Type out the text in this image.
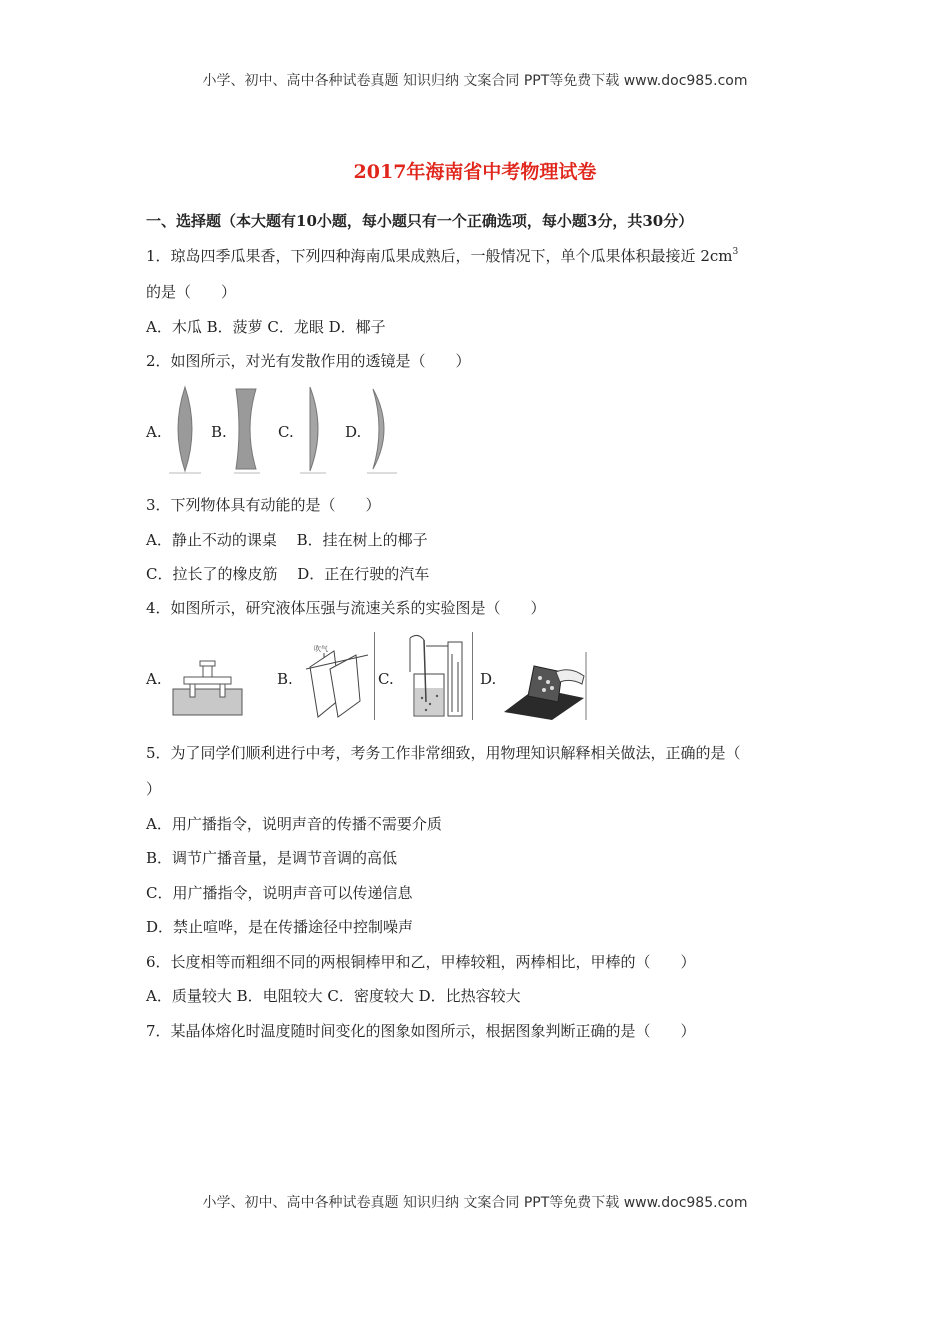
小学、初中、高中各种试卷真题 知识归纳 文案合同 PPT等免费下载 www.doc985.com
2017年海南省中考物理试卷
一、选择题（本大题有10小题，每小题只有一个正确选项，每小题3分，共30分）
1．琼岛四季瓜果香，下列四种海南瓜果成熟后，一般情况下，单个瓜果体积最接近 $2cm^3$
的是（　　）
A．木瓜 B．菠萝 C．龙眼 D．椰子
2．如图所示，对光有发散作用的透镜是（　　）
A.	B.	C.	D.
3．下列物体具有动能的是（　　）
A．静止不动的课桌　 B．挂在树上的椰子
C．拉长了的橡皮筋　 D．正在行驶的汽车
4．如图所示，研究液体压强与流速关系的实验图是（　　）
A.	B.	C.	D.
吹气
5．为了同学们顺利进行中考，考务工作非常细致，用物理知识解释相关做法，正确的是（
）
A．用广播指令，说明声音的传播不需要介质
B．调节广播音量，是调节音调的高低
C．用广播指令，说明声音可以传递信息
D．禁止喧哗，是在传播途径中控制噪声
6．长度相等而粗细不同的两根铜棒甲和乙，甲棒较粗，两棒相比，甲棒的（　　）
A．质量较大 B．电阻较大 C．密度较大 D．比热容较大
7．某晶体熔化时温度随时间变化的图象如图所示，根据图象判断正确的是（　　）
小学、初中、高中各种试卷真题 知识归纳 文案合同 PPT等免费下载 www.doc985.com
